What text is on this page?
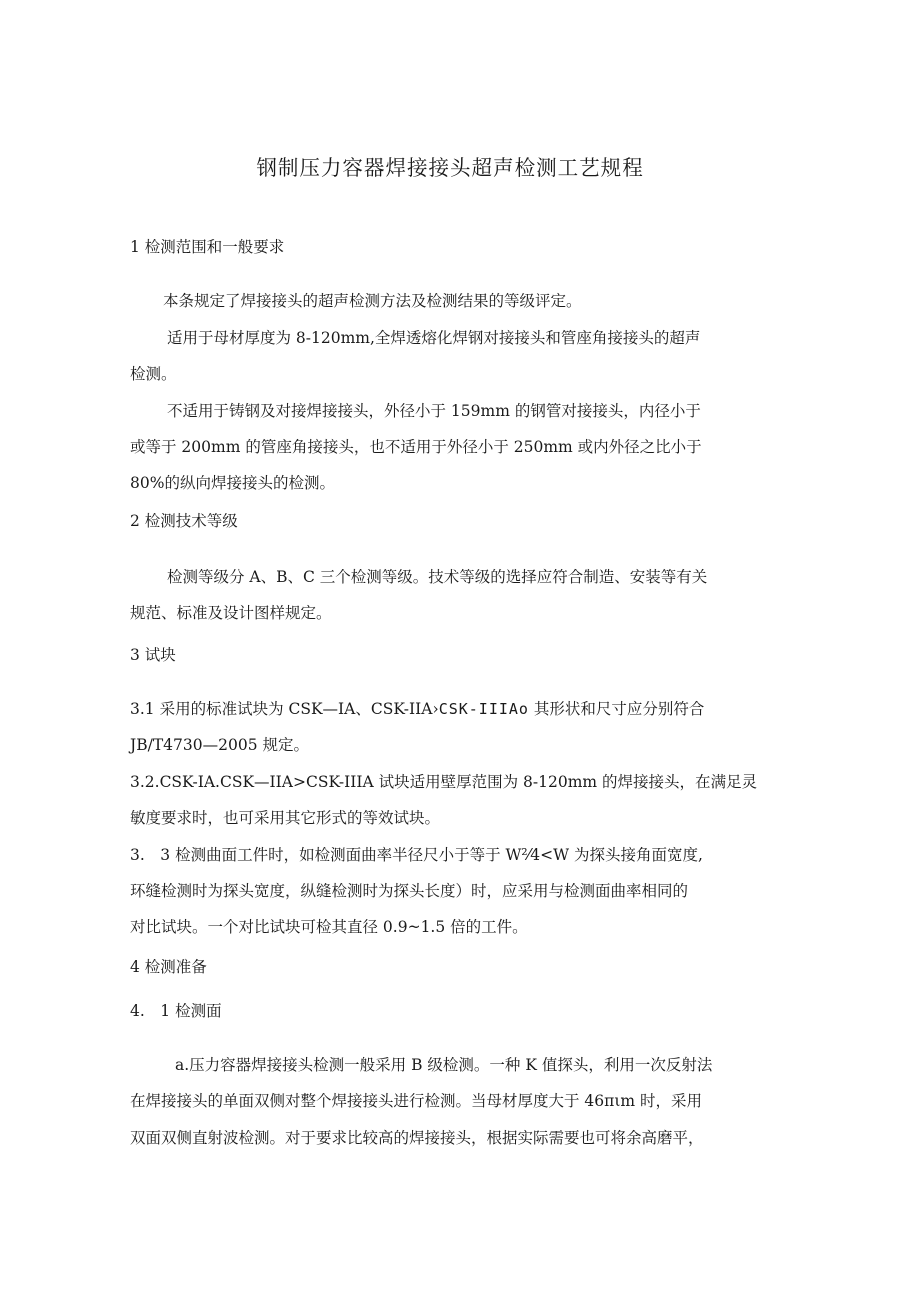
钢制压力容器焊接接头超声检测工艺规程

1 检测范围和一般要求

本条规定了焊接接头的超声检测方法及检测结果的等级评定。

适用于母材厚度为 8-120mm,全焊透熔化焊钢对接接头和管座角接接头的超声

检测。

不适用于铸钢及对接焊接接头，外径小于 159mm 的钢管对接接头，内径小于

或等于 200mm 的管座角接接头，也不适用于外径小于 250mm 或内外径之比小于

80%的纵向焊接接头的检测。

2 检测技术等级

检测等级分 A、B、C 三个检测等级。技术等级的选择应符合制造、安装等有关

规范、标准及设计图样规定。

3 试块

3.1 采用的标准试块为 CSK—IA、CSK-IIA›CSK-IIIAo 其形状和尺寸应分别符合

JB/T4730—2005 规定。

3.2.CSK-IA.CSK—IIA>CSK-IIIA 试块适用壁厚范围为 8-120mm 的焊接接头，在满足灵

敏度要求时，也可采用其它形式的等效试块。

3.　3 检测曲面工件时，如检测面曲率半径尺小于等于 W²⁄4<W 为探头接角面宽度,

环缝检测时为探头宽度，纵缝检测时为探头长度）时，应采用与检测面曲率相同的

对比试块。一个对比试块可检其直径 0.9~1.5 倍的工件。

4 检测准备

4.　1 检测面

a.压力容器焊接接头检测一般采用 B 级检测。一种 K 值探头，利用一次反射法

在焊接接头的单面双侧对整个焊接接头进行检测。当母材厚度大于 46πιm 时，采用

双面双侧直射波检测。对于要求比较高的焊接接头，根据实际需要也可将余高磨平，
